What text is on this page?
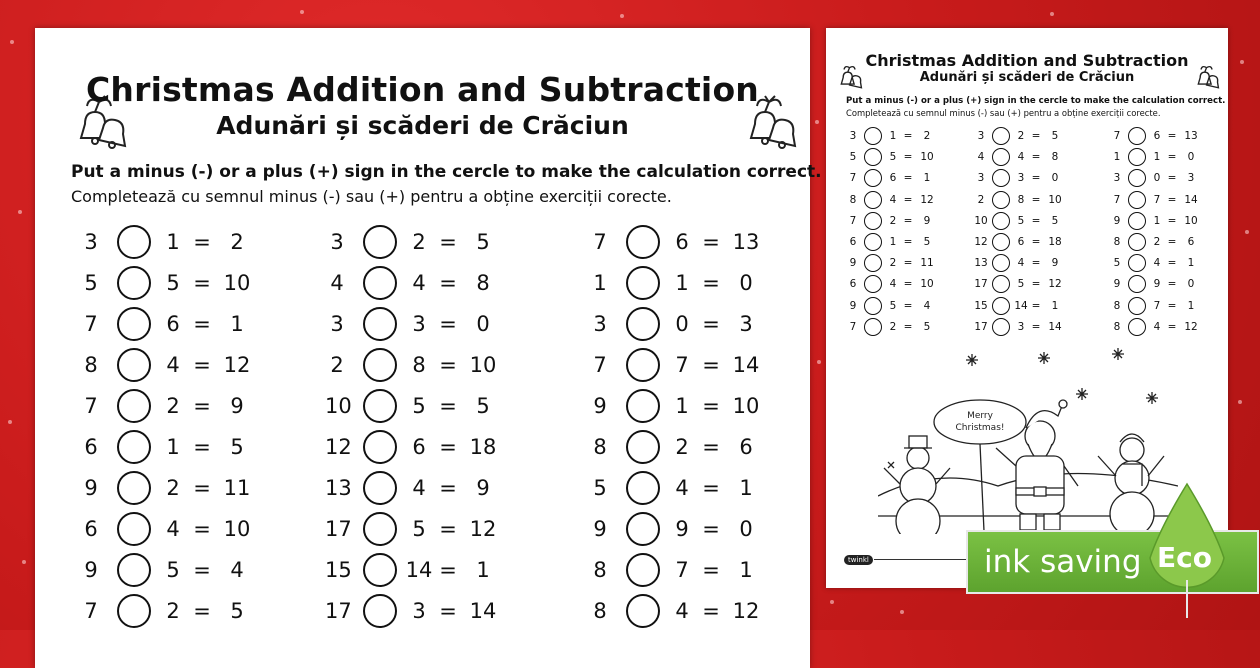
Christmas Addition and Subtraction
Adunări și scăderi de Crăciun
Put a minus (-) or a plus (+) sign in the cercle to make the calculation correct.
Completează cu semnul minus (-) sau (+) pentru a obține exerciții corecte.
3	1 = 2
5	5 = 10
7	6 = 1
8	4 = 12
7	2 = 9
6	1 = 5
9	2 = 11
6	4 = 10
9	5 = 4
7	2 = 5
3	2 = 5
4	4 = 8
3	3 = 0
2	8 = 10
10	5 = 5
12	6 = 18
13	4 = 9
17	5 = 12
15	14 = 1
17	3 = 14
7	6 = 13
1	1 = 0
3	0 = 3
7	7 = 14
9	1 = 10
8	2 = 6
5	4 = 1
9	9 = 0
8	7 = 1
8	4 = 12
Christmas Addition and Subtraction
Adunări și scăderi de Crăciun
Put a minus (-) or a plus (+) sign in the cercle to make the calculation correct.
Completează cu semnul minus (-) sau (+) pentru a obține exerciții corecte.
3	1 =	2
5	5 = 10
7	6 =	1
8	4 = 12
7	2 =	9
6	1 =	5
9	2 = 11
6	4 = 10
9	5 =	4
7	2 =	5
3	2 =	5
4	4 =	8
3	3 =	0
2	8 = 10
10	5 =	5
12	6 = 18
13	4 =	9
17	5 = 12
15	14 =	1
17	3 = 14
7	6 = 13
1	1 =	0
3	0 =	3
7	7 = 14
9	1 = 10
8	2 =	6
5	4 =	1
9	9 =	0
8	7 =	1
8	4 = 12
Merry
Christmas!
twinkl	ink saving Eco
